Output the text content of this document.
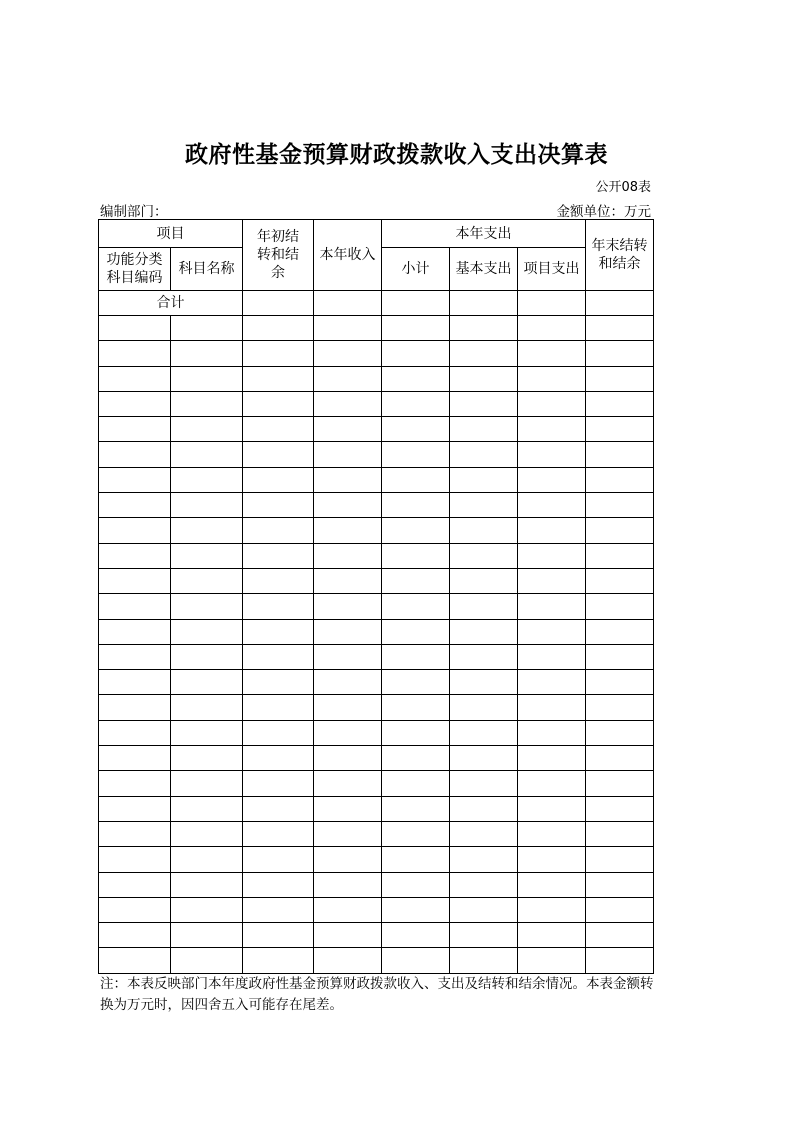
政府性基金预算财政拨款收入支出决算表
公开08表
编制部门：	金额单位：万元
项目		年初结转和结余	本年收入	本年支出			年末结转和结余

功能分类科目编码	科目名称			小计	基本支出	项目支出	
合计							

注：本表反映部门本年度政府性基金预算财政拨款收入、支出及结转和结余情况。本表金额转换为万元时，因四舍五入可能存在尾差。
